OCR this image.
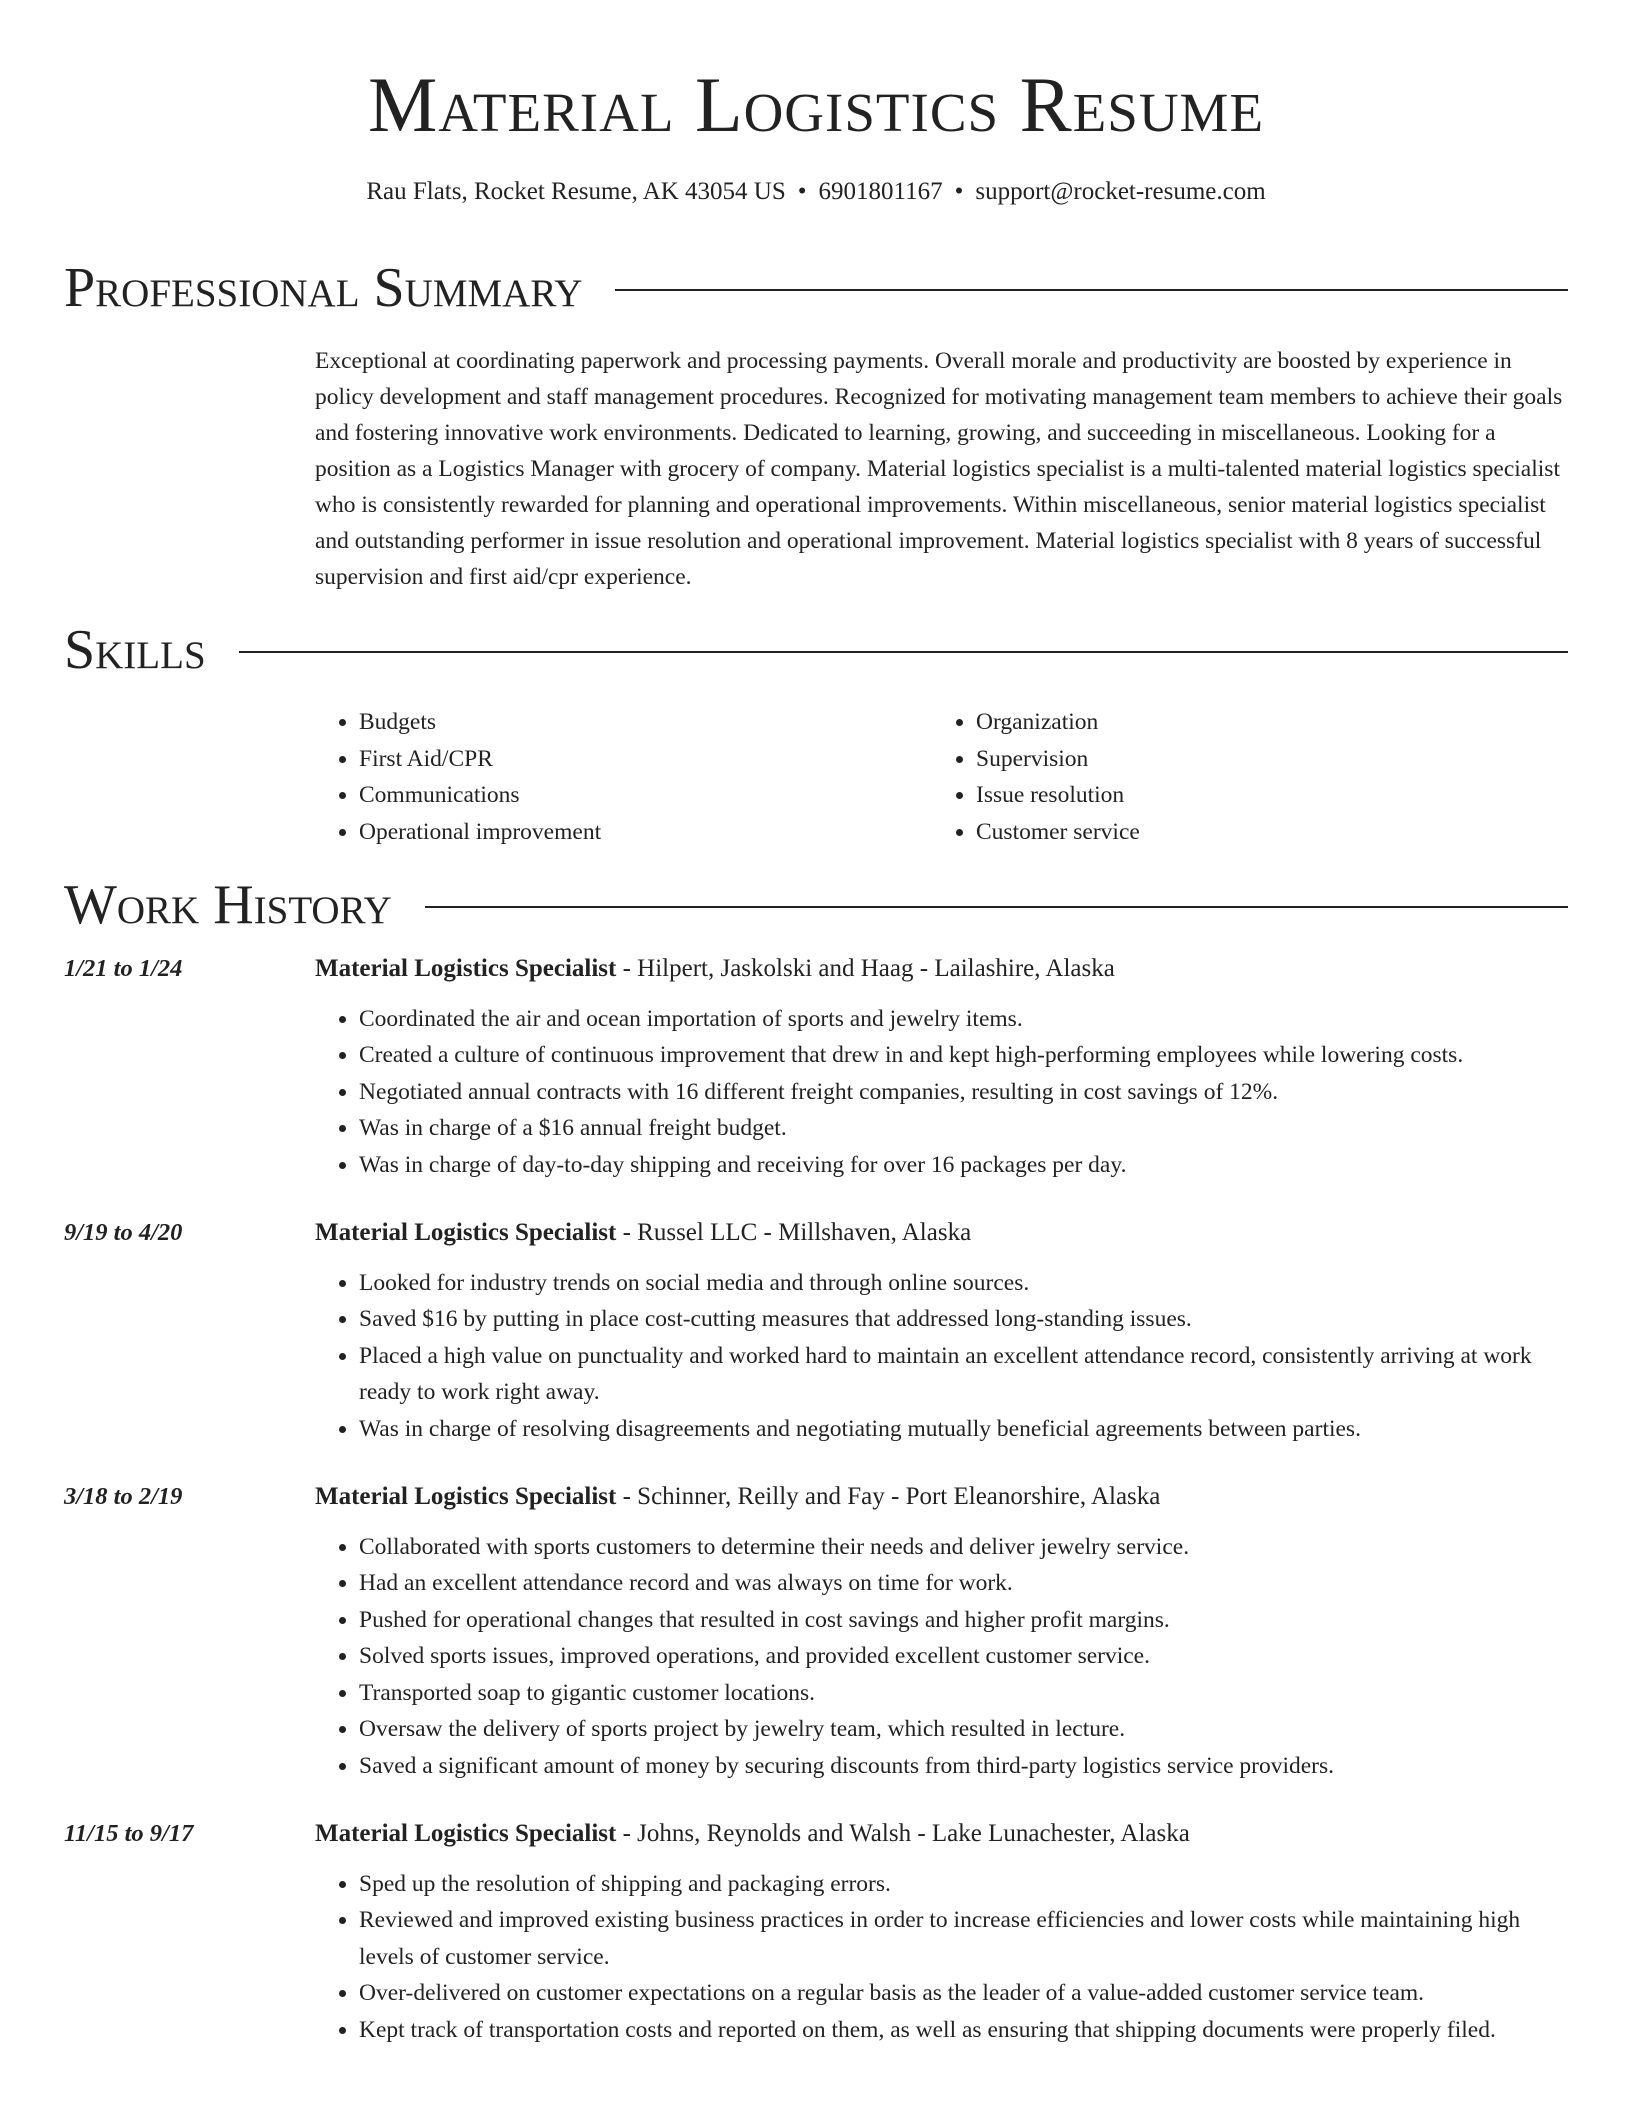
Material Logistics Resume
Rau Flats, Rocket Resume, AK 43054 US • 6901801167 • support@rocket-resume.com
Professional Summary
Exceptional at coordinating paperwork and processing payments. Overall morale and productivity are boosted by experience in policy development and staff management procedures. Recognized for motivating management team members to achieve their goals and fostering innovative work environments. Dedicated to learning, growing, and succeeding in miscellaneous. Looking for a position as a Logistics Manager with grocery of company. Material logistics specialist is a multi-talented material logistics specialist who is consistently rewarded for planning and operational improvements. Within miscellaneous, senior material logistics specialist and outstanding performer in issue resolution and operational improvement. Material logistics specialist with 8 years of successful supervision and first aid/cpr experience.
Skills
• Budgets
• First Aid/CPR
• Communications
• Operational improvement
• Organization
• Supervision
• Issue resolution
• Customer service
Work History
1/21 to 1/24	Material Logistics Specialist - Hilpert, Jaskolski and Haag - Lailashire, Alaska
• Coordinated the air and ocean importation of sports and jewelry items.
• Created a culture of continuous improvement that drew in and kept high-performing employees while lowering costs.
• Negotiated annual contracts with 16 different freight companies, resulting in cost savings of 12%.
• Was in charge of a $16 annual freight budget.
• Was in charge of day-to-day shipping and receiving for over 16 packages per day.
9/19 to 4/20	Material Logistics Specialist - Russel LLC - Millshaven, Alaska
• Looked for industry trends on social media and through online sources.
• Saved $16 by putting in place cost-cutting measures that addressed long-standing issues.
• Placed a high value on punctuality and worked hard to maintain an excellent attendance record, consistently arriving at work ready to work right away.
• Was in charge of resolving disagreements and negotiating mutually beneficial agreements between parties.
3/18 to 2/19	Material Logistics Specialist - Schinner, Reilly and Fay - Port Eleanorshire, Alaska
• Collaborated with sports customers to determine their needs and deliver jewelry service.
• Had an excellent attendance record and was always on time for work.
• Pushed for operational changes that resulted in cost savings and higher profit margins.
• Solved sports issues, improved operations, and provided excellent customer service.
• Transported soap to gigantic customer locations.
• Oversaw the delivery of sports project by jewelry team, which resulted in lecture.
• Saved a significant amount of money by securing discounts from third-party logistics service providers.
11/15 to 9/17	Material Logistics Specialist - Johns, Reynolds and Walsh - Lake Lunachester, Alaska
• Sped up the resolution of shipping and packaging errors.
• Reviewed and improved existing business practices in order to increase efficiencies and lower costs while maintaining high levels of customer service.
• Over-delivered on customer expectations on a regular basis as the leader of a value-added customer service team.
• Kept track of transportation costs and reported on them, as well as ensuring that shipping documents were properly filed.
